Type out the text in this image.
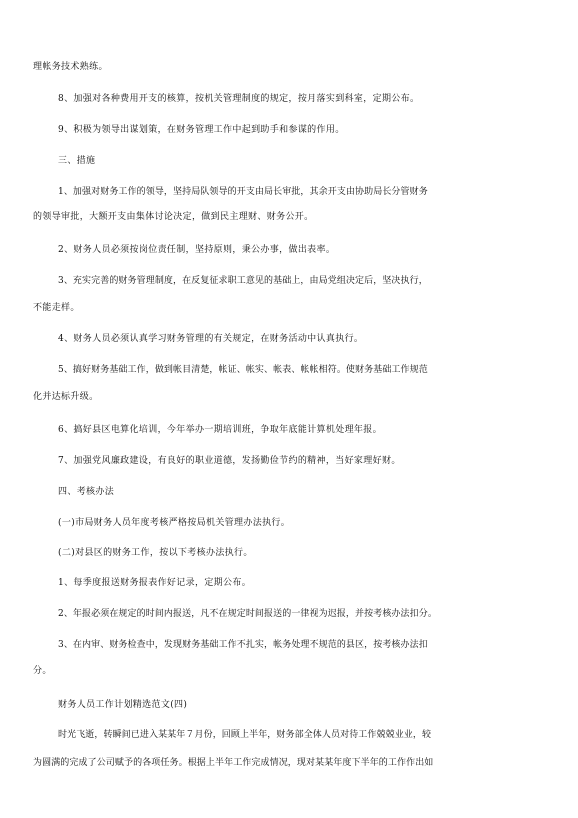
理帐务技术熟练。
8、加强对各种费用开支的核算，按机关管理制度的规定，按月落实到科室，定期公布。
9、积极为领导出谋划策，在财务管理工作中起到助手和参谋的作用。
三、措施
1、加强对财务工作的领导，坚持局队领导的开支由局长审批，其余开支由协助局长分管财务
的领导审批，大额开支由集体讨论决定，做到民主理财、财务公开。
2、财务人员必须按岗位责任制，坚持原则，秉公办事，做出表率。
3、充实完善的财务管理制度，在反复征求职工意见的基础上，由局党组决定后，坚决执行，
不能走样。
4、财务人员必须认真学习财务管理的有关规定，在财务活动中认真执行。
5、搞好财务基础工作，做到帐目清楚，帐证、帐实、帐表、帐帐相符。使财务基础工作规范
化并达标升级。
6、搞好县区电算化培训，今年举办一期培训班，争取年底能计算机处理年报。
7、加强党风廉政建设，有良好的职业道德，发扬勤俭节约的精神，当好家理好财。
四、考核办法
(一)市局财务人员年度考核严格按局机关管理办法执行。
(二)对县区的财务工作，按以下考核办法执行。
1、每季度报送财务报表作好记录，定期公布。
2、年报必须在规定的时间内报送，凡不在规定时间报送的一律视为迟报，并按考核办法扣分。
3、在内审、财务检查中，发现财务基础工作不扎实，帐务处理不规范的县区，按考核办法扣
分。
财务人员工作计划精选范文(四)
时光飞逝，转瞬间已进入某某年７月份，回顾上半年，财务部全体人员对待工作兢兢业业，较
为圆满的完成了公司赋予的各项任务。根据上半年工作完成情况，现对某某年度下半年的工作作出如
